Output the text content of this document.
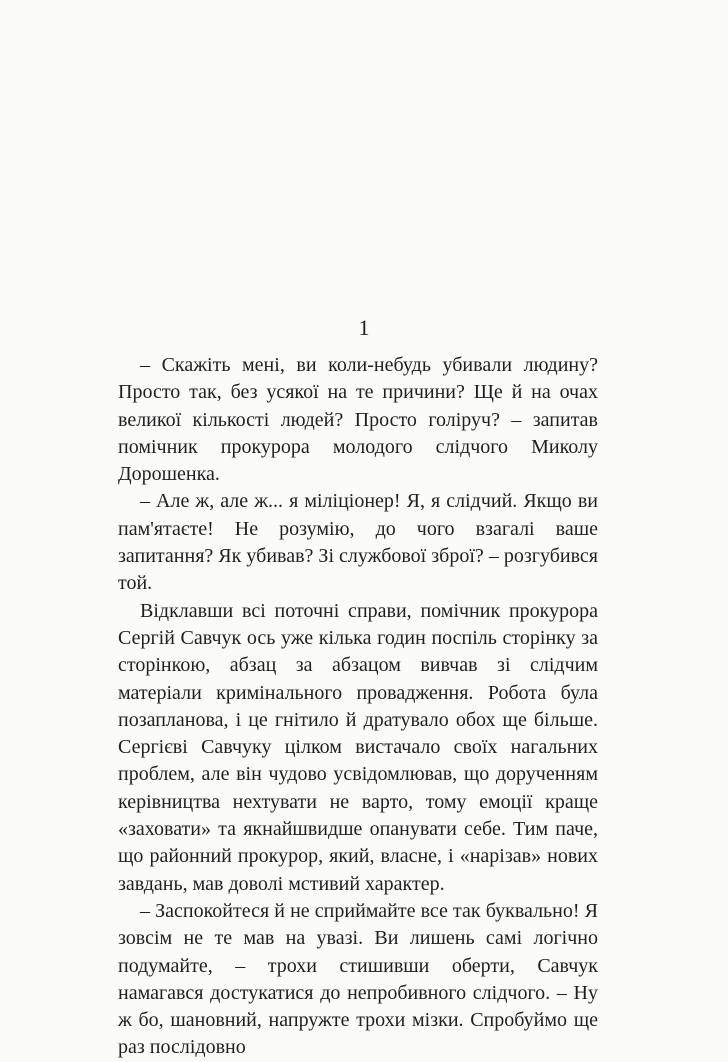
1

– Скажіть мені, ви коли-небудь убивали людину? Просто так, без усякої на те причини? Ще й на очах великої кількості людей? Просто голіруч? – запитав помічник прокурора молодого слідчого Миколу Дорошенка.

– Але ж, але ж... я міліціонер! Я, я слідчий. Якщо ви пам'ятаєте! Не розумію, до чого взагалі ваше запитання? Як убивав? Зі службової зброї? – розгубився той.

Відклавши всі поточні справи, помічник прокурора Сергій Савчук ось уже кілька годин поспіль сторінку за сторінкою, абзац за абзацом вивчав зі слідчим матеріали кримінального провадження. Робота була позапланова, і це гнітило й дратувало обох ще більше. Сергієві Савчуку цілком вистачало своїх нагальних проблем, але він чудово усвідомлював, що дорученням керівництва нехтувати не варто, тому емоції краще «заховати» та якнайшвидше опанувати себе. Тим паче, що районний прокурор, який, власне, і «нарізав» нових завдань, мав доволі мстивий характер.

– Заспокойтеся й не сприймайте все так буквально! Я зовсім не те мав на увазі. Ви лишень самі логічно подумайте, – трохи стишивши оберти, Савчук намагався достукатися до непробивного слідчого. – Ну ж бо, шановний, напружте трохи мізки. Спробуймо ще раз послідовно
